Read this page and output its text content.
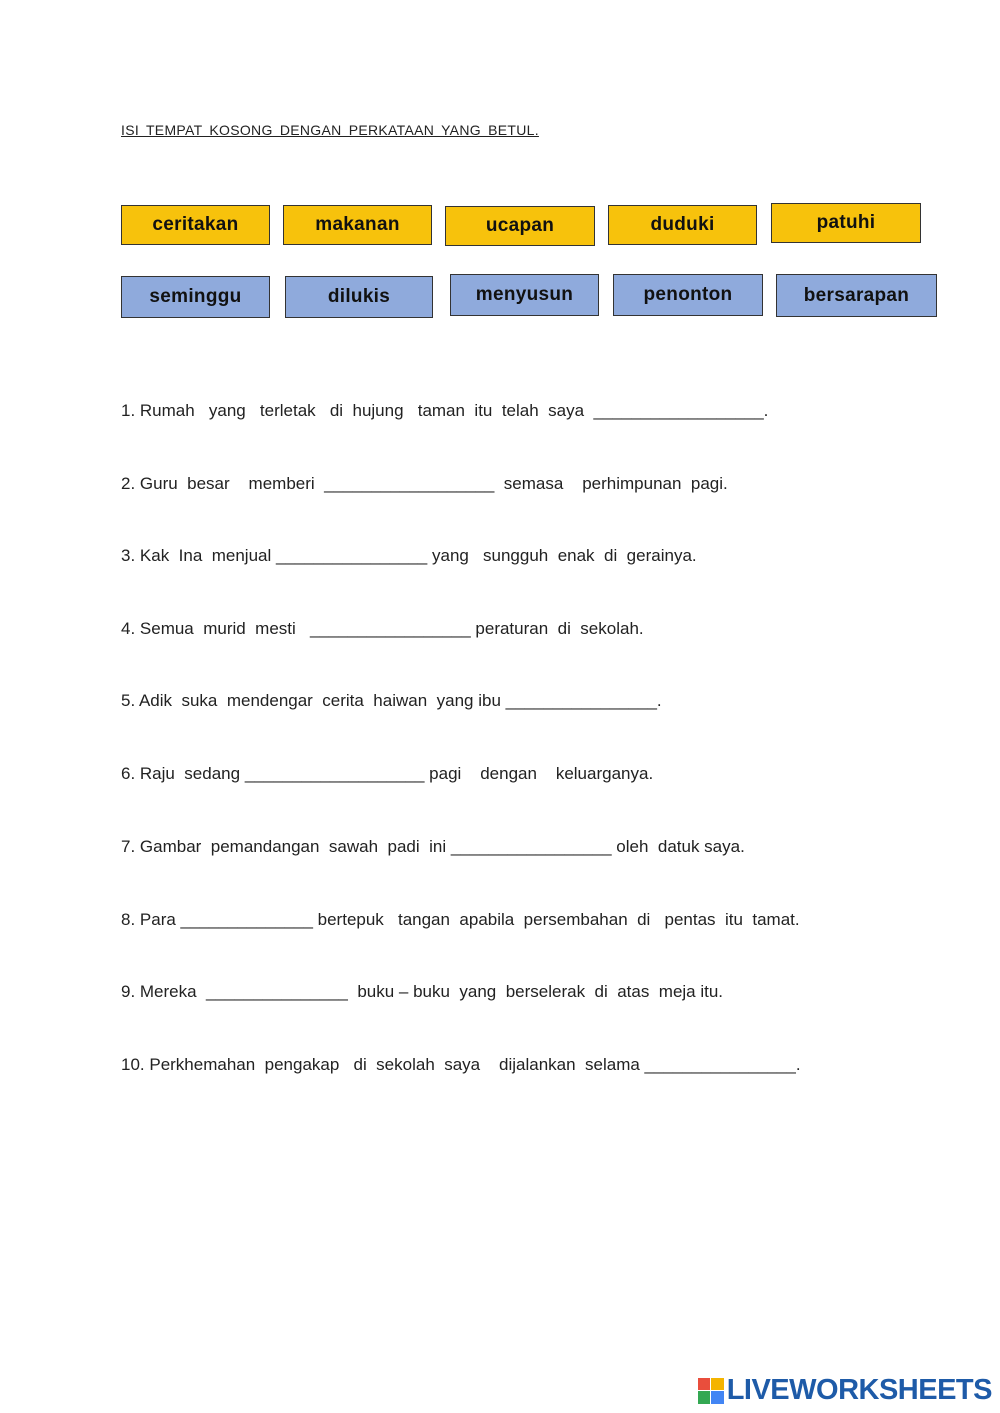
ISI TEMPAT KOSONG DENGAN PERKATAAN YANG BETUL.
ceritakan	makanan	ucapan	duduki	patuhi
seminggu	dilukis	menyusun	penonton	bersarapan
1. Rumah   yang   terletak   di  hujung   taman  itu  telah  saya  __________________.
2. Guru  besar    memberi  __________________  semasa    perhimpunan  pagi.
3. Kak  Ina  menjual ________________ yang   sungguh  enak  di  gerainya.
4. Semua  murid  mesti   _________________ peraturan  di  sekolah.
5. Adik  suka  mendengar  cerita  haiwan  yang ibu ________________.
6. Raju  sedang ___________________ pagi    dengan    keluarganya.
7. Gambar  pemandangan  sawah  padi  ini _________________ oleh  datuk saya.
8. Para ______________ bertepuk   tangan  apabila  persembahan  di   pentas  itu  tamat.
9. Mereka  _______________  buku – buku  yang  berselerak  di  atas  meja itu.
10. Perkhemahan  pengakap   di  sekolah  saya    dijalankan  selama ________________.
LIVEWORKSHEETS
